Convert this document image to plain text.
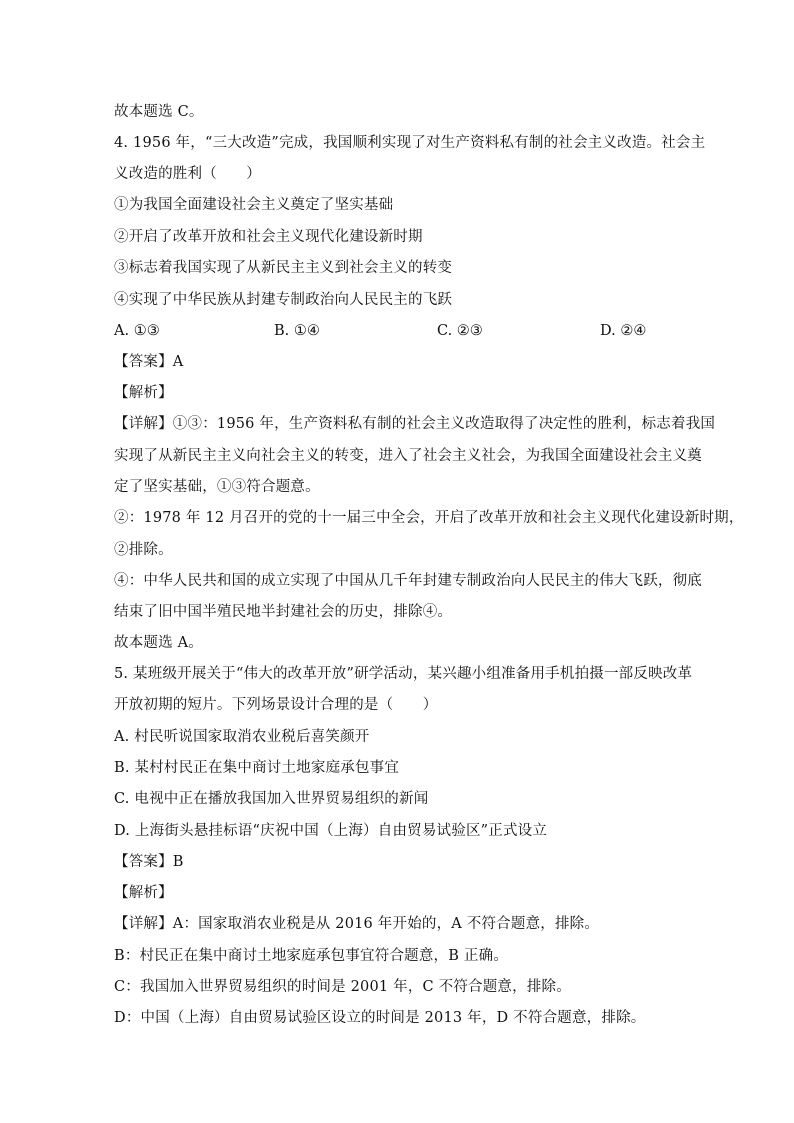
故本题选 C。
4. 1956 年，“三大改造”完成，我国顺利实现了对生产资料私有制的社会主义改造。社会主
义改造的胜利（　　）
①为我国全面建设社会主义奠定了坚实基础
②开启了改革开放和社会主义现代化建设新时期
③标志着我国实现了从新民主主义到社会主义的转变
④实现了中华民族从封建专制政治向人民民主的飞跃
A. ①③	B. ①④	C. ②③	D. ②④
【答案】A
【解析】
【详解】①③：1956 年，生产资料私有制的社会主义改造取得了决定性的胜利，标志着我国
实现了从新民主主义向社会主义的转变，进入了社会主义社会，为我国全面建设社会主义奠
定了坚实基础，①③符合题意。
②：1978 年 12 月召开的党的十一届三中全会，开启了改革开放和社会主义现代化建设新时期，
②排除。
④：中华人民共和国的成立实现了中国从几千年封建专制政治向人民民主的伟大飞跃，彻底
结束了旧中国半殖民地半封建社会的历史，排除④。
故本题选 A。
5. 某班级开展关于“伟大的改革开放”研学活动，某兴趣小组准备用手机拍摄一部反映改革
开放初期的短片。下列场景设计合理的是（　　）
A. 村民听说国家取消农业税后喜笑颜开
B. 某村村民正在集中商讨土地家庭承包事宜
C. 电视中正在播放我国加入世界贸易组织的新闻
D. 上海街头悬挂标语“庆祝中国（上海）自由贸易试验区”正式设立
【答案】B
【解析】
【详解】A：国家取消农业税是从 2016 年开始的，A 不符合题意，排除。
B：村民正在集中商讨土地家庭承包事宜符合题意，B 正确。
C：我国加入世界贸易组织的时间是 2001 年，C 不符合题意，排除。
D：中国（上海）自由贸易试验区设立的时间是 2013 年，D 不符合题意，排除。
